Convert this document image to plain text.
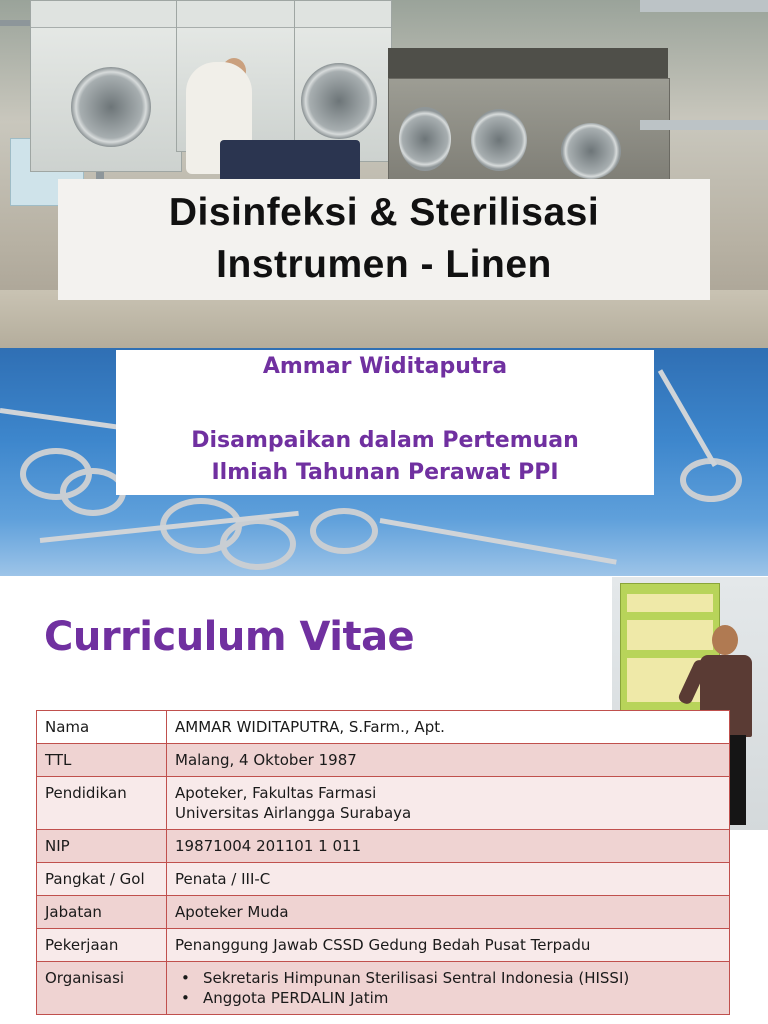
Disinfeksi & Sterilisasi
Instrumen - Linen
Ammar Widitaputra
Disampaikan dalam Pertemuan
Ilmiah Tahunan Perawat PPI
Curriculum Vitae
Nama	AMMAR WIDITAPUTRA, S.Farm., Apt.
TTL	Malang, 4 Oktober 1987
Pendidikan	Apoteker, Fakultas Farmasi
Universitas Airlangga Surabaya

NIP	19871004 201101 1 011
Pangkat / Gol	Penata / III-C
Jabatan	Apoteker Muda
Pekerjaan	Penanggung Jawab CSSD Gedung Bedah Pusat Terpadu
Organisasi	• Sekretaris Himpunan Sterilisasi Sentral Indonesia (HISSI)
• Anggota PERDALIN Jatim
